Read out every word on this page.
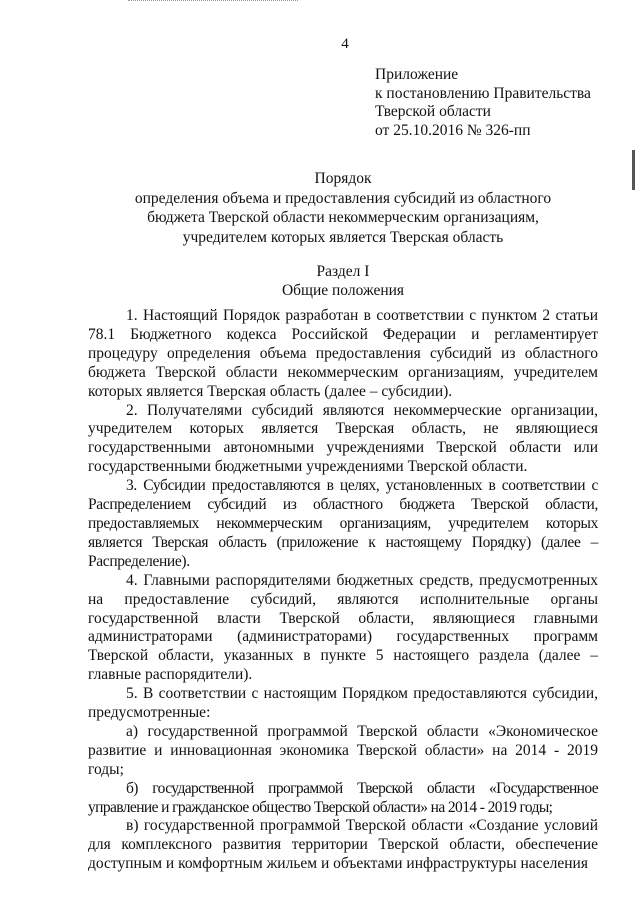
4
Приложение
к постановлению Правительства
Тверской области
от 25.10.2016 № 326-пп
Порядок
определения объема и предоставления субсидий из областного
бюджета Тверской области некоммерческим организациям,
учредителем которых является Тверская область
Раздел I
Общие положения

1. Настоящий Порядок разработан в соответствии с пунктом 2 статьи 78.1 Бюджетного кодекса Российской Федерации и регламентирует процедуру определения объема предоставления субсидий из областного бюджета Тверской области некоммерческим организациям, учредителем которых является Тверская область (далее – субсидии).

2. Получателями субсидий являются некоммерческие организации, учредителем которых является Тверская область, не являющиеся государственными автономными учреждениями Тверской области или государственными бюджетными учреждениями Тверской области.

3. Субсидии предоставляются в целях, установленных в соответствии с Распределением субсидий из областного бюджета Тверской области, предоставляемых некоммерческим организациям, учредителем которых является Тверская область (приложение к настоящему Порядку) (далее – Распределение).

4. Главными распорядителями бюджетных средств, предусмотренных на предоставление субсидий, являются исполнительные органы государственной власти Тверской области, являющиеся главными администраторами (администраторами) государственных программ Тверской области, указанных в пункте 5 настоящего раздела (далее – главные распорядители).

5. В соответствии с настоящим Порядком предоставляются субсидии, предусмотренные:

а) государственной программой Тверской области «Экономическое развитие и инновационная экономика Тверской области» на 2014 - 2019 годы;

б) государственной программой Тверской области «Государственное управление и гражданское общество Тверской области» на 2014 - 2019 годы;

в) государственной программой Тверской области «Создание условий для комплексного развития территории Тверской области, обеспечение доступным и комфортным жильем и объектами инфраструктуры населения
